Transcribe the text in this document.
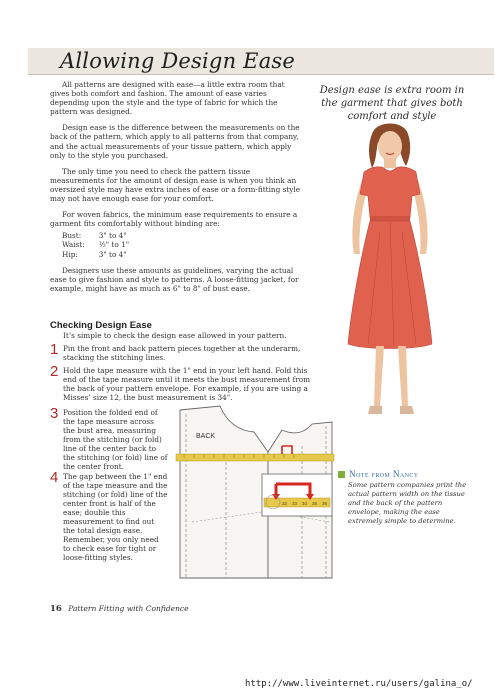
Allowing Design Ease

All patterns are designed with ease—a little extra room that gives both comfort and fashion. The amount of ease varies depending upon the style and the type of fabric for which the pattern was designed.

Design ease is the difference between the measurements on the back of the pattern, which apply to all patterns from that company, and the actual measurements of your tissue pattern, which apply only to the style you purchased.

The only time you need to check the pattern tissue measurements for the amount of design ease is when you think an oversized style may have extra inches of ease or a form-fitting style may not have enough ease for your comfort.

For woven fabrics, the minimum ease requirements to ensure a garment fits comfortably without binding are:

Bust:	3" to 4"
Waist:	½" to 1"
Hip:	3" to 4"

Designers use these amounts as guidelines, varying the actual ease to give fashion and style to patterns. A loose-fitting jacket, for example, might have as much as 6" to 8" of bust ease.

Design ease is extra room in the garment that gives both comfort and style
Checking Design Ease
It’s simple to check the design ease allowed in your pattern.
1 Pin the front and back pattern pieces together at the underarm, stacking the stitching lines.
2 Hold the tape measure with the 1" end in your left hand. Fold this end of the tape measure until it meets the bust measurement from the back of your pattern envelope. For example, if you are using a Misses’ size 12, the bust measurement is 34".
3 Position the folded end of the tape measure across the bust area, measuring from the stitching (or fold) line of the center back to the stitching (or fold) line of the center front.
4 The gap between the 1" end of the tape measure and the stitching (or fold) line of the center front is half of the ease; double this measurement to find out the total design ease. Remember, you only need to check ease for tight or loose-fitting styles.
BACK
32 33 34 35 36
Note from Nancy
Some pattern companies print the actual pattern width on the tissue and the back of the pattern envelope, making the ease extremely simple to determine.
16 Pattern Fitting with Confidence
http://www.liveinternet.ru/users/galina_o/
